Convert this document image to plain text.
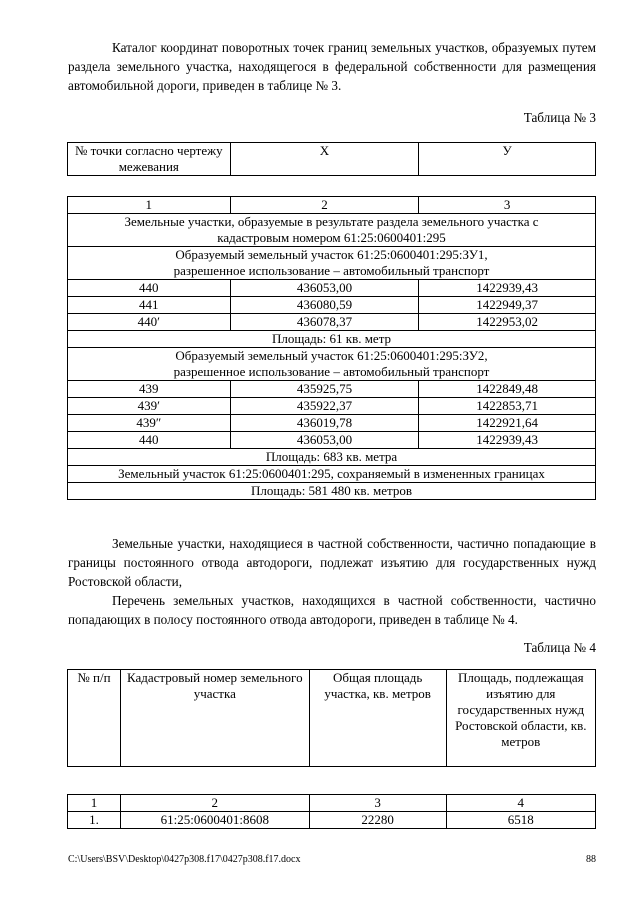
Каталог координат поворотных точек границ земельных участков, образуемых путем раздела земельного участка, находящегося в федеральной собственности для размещения автомобильной дороги, приведен в таблице № 3.

Таблица № 3

№ точки согласно чертежу межевания	X	У
1	2	3
Земельные участки, образуемые в результате раздела земельного участка с кадастровым номером 61:25:0600401:295		
Образуемый земельный участок 61:25:0600401:295:ЗУ1, разрешенное использование – автомобильный транспорт		
440	436053,00	1422939,43
441	436080,59	1422949,37
440′	436078,37	1422953,02
Площадь: 61 кв. метр		
Образуемый земельный участок 61:25:0600401:295:ЗУ2, разрешенное использование – автомобильный транспорт		
439	435925,75	1422849,48
439′	435922,37	1422853,71
439″	436019,78	1422921,64
440	436053,00	1422939,43
Площадь: 683 кв. метра		
Земельный участок 61:25:0600401:295, сохраняемый в измененных границах		
Площадь: 581 480 кв. метров		

Земельные участки, находящиеся в частной собственности, частично попадающие в границы постоянного отвода автодороги, подлежат изъятию для государственных нужд Ростовской области,

Перечень земельных участков, находящихся в частной собственности, частично попадающих в полосу постоянного отвода автодороги, приведен в таблице № 4.

Таблица № 4

№ п/п	Кадастровый номер земельного участка	Общая площадь участка, кв. метров	Площадь, подлежащая изъятию для государственных нужд Ростовской области, кв. метров
1	2	3	4
1.	61:25:0600401:8608	22280	6518
C:\Users\BSV\Desktop\0427p308.f17\0427p308.f17.docx	88
